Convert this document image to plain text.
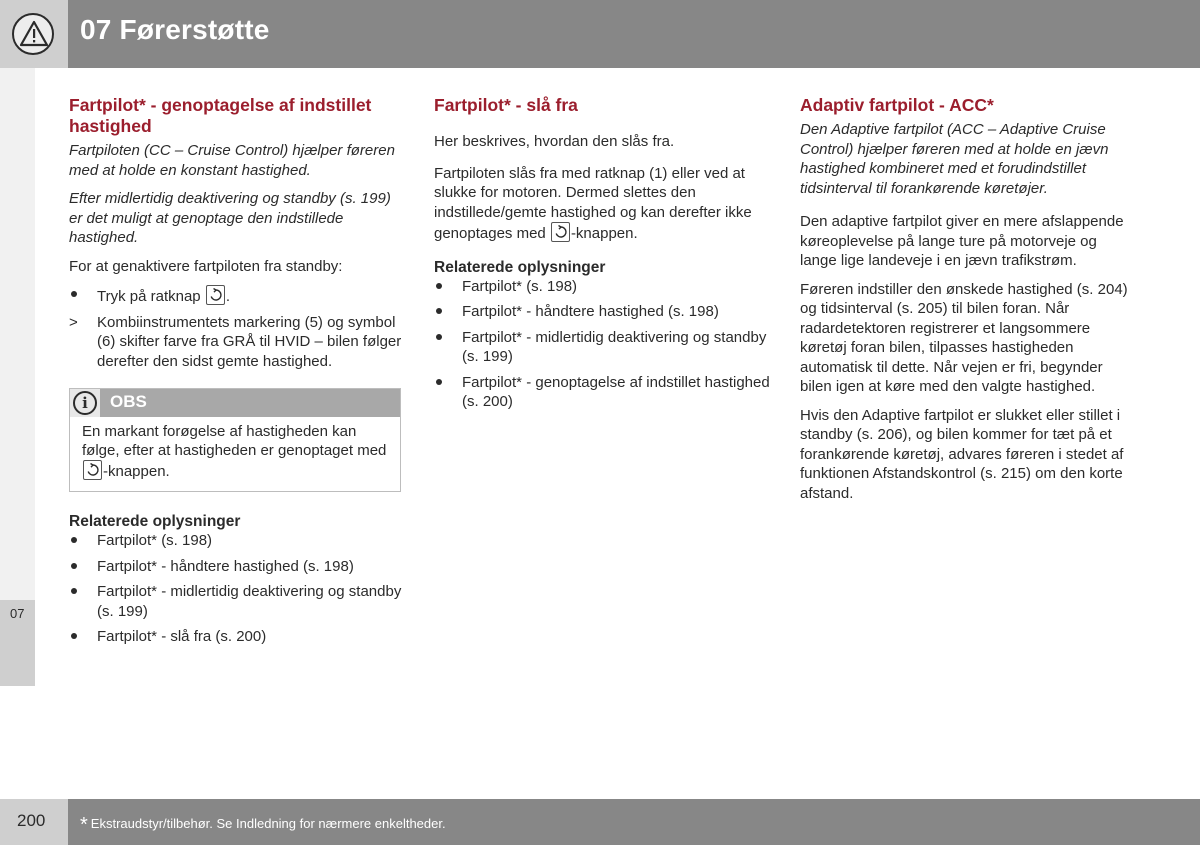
07 Førerstøtte
07
Fartpilot* - genoptagelse af indstillet hastighed

Fartpiloten (CC – Cruise Control) hjælper føreren med at holde en konstant hastighed.

Efter midlertidig deaktivering og standby (s. 199) er det muligt at genoptage den indstillede hastighed.

For at genaktivere fartpiloten fra standby:

Tryk på ratknap .
> Kombiinstrumentets markering (5) og symbol (6) skifter farve fra GRÅ til HVID – bilen følger derefter den sidst gemte hastighed.
i	OBS
En markant forøgelse af hastigheden kan følge, efter at hastigheden er genoptaget med
-knappen.
Relaterede oplysninger
Fartpilot* (s. 198)
Fartpilot* - håndtere hastighed (s. 198)
Fartpilot* - midlertidig deaktivering og standby (s. 199)
Fartpilot* - slå fra (s. 200)
Fartpilot* - slå fra

Her beskrives, hvordan den slås fra.

Fartpiloten slås fra med ratknap (1) eller ved at slukke for motoren. Dermed slettes den indstillede/gemte hastighed og kan derefter ikke genoptages med -knappen.

Relaterede oplysninger
Fartpilot* (s. 198)
Fartpilot* - håndtere hastighed (s. 198)
Fartpilot* - midlertidig deaktivering og standby (s. 199)
Fartpilot* - genoptagelse af indstillet hastighed (s. 200)
Adaptiv fartpilot - ACC*

Den Adaptive fartpilot (ACC – Adaptive Cruise Control) hjælper føreren med at holde en jævn hastighed kombineret med et forudindstillet tidsinterval til forankørende køretøjer.

Den adaptive fartpilot giver en mere afslappende køreoplevelse på lange ture på motorveje og lange lige landeveje i en jævn trafikstrøm.

Føreren indstiller den ønskede hastighed (s. 204) og tidsinterval (s. 205) til bilen foran. Når radardetektoren registrerer et langsommere køretøj foran bilen, tilpasses hastigheden automatisk til dette. Når vejen er fri, begynder bilen igen at køre med den valgte hastighed.

Hvis den Adaptive fartpilot er slukket eller stillet i standby (s. 206), og bilen kommer for tæt på et forankørende køretøj, advares føreren i stedet af funktionen Afstandskontrol (s. 215) om den korte afstand.

200 * Ekstraudstyr/tilbehør. Se Indledning for nærmere enkeltheder.
